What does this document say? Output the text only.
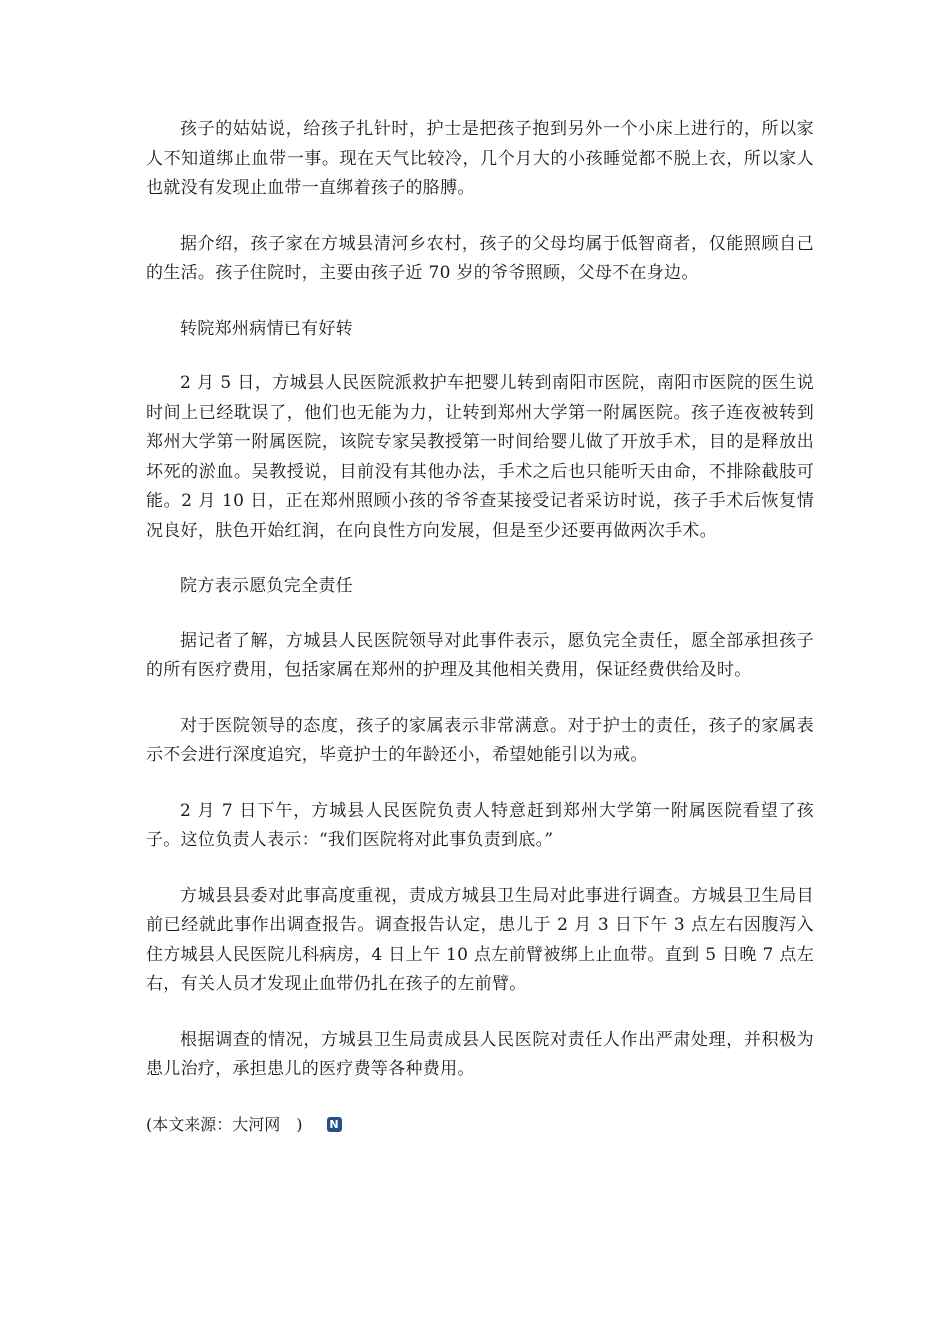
孩子的姑姑说，给孩子扎针时，护士是把孩子抱到另外一个小床上进行的，所以家人不知道绑止血带一事。现在天气比较冷，几个月大的小孩睡觉都不脱上衣，所以家人也就没有发现止血带一直绑着孩子的胳膊。

据介绍，孩子家在方城县清河乡农村，孩子的父母均属于低智商者，仅能照顾自己的生活。孩子住院时，主要由孩子近 70 岁的爷爷照顾，父母不在身边。

转院郑州病情已有好转

2 月 5 日，方城县人民医院派救护车把婴儿转到南阳市医院，南阳市医院的医生说时间上已经耽误了，他们也无能为力，让转到郑州大学第一附属医院。孩子连夜被转到郑州大学第一附属医院，该院专家吴教授第一时间给婴儿做了开放手术，目的是释放出坏死的淤血。吴教授说，目前没有其他办法，手术之后也只能听天由命，不排除截肢可能。2 月 10 日，正在郑州照顾小孩的爷爷查某接受记者采访时说，孩子手术后恢复情况良好，肤色开始红润，在向良性方向发展，但是至少还要再做两次手术。

院方表示愿负完全责任

据记者了解，方城县人民医院领导对此事件表示，愿负完全责任，愿全部承担孩子的所有医疗费用，包括家属在郑州的护理及其他相关费用，保证经费供给及时。

对于医院领导的态度，孩子的家属表示非常满意。对于护士的责任，孩子的家属表示不会进行深度追究，毕竟护士的年龄还小，希望她能引以为戒。

2 月 7 日下午，方城县人民医院负责人特意赶到郑州大学第一附属医院看望了孩子。这位负责人表示：“我们医院将对此事负责到底。”

方城县县委对此事高度重视，责成方城县卫生局对此事进行调查。方城县卫生局目前已经就此事作出调查报告。调查报告认定，患儿于 2 月 3 日下午 3 点左右因腹泻入住方城县人民医院儿科病房，4 日上午 10 点左前臂被绑上止血带。直到 5 日晚 7 点左右，有关人员才发现止血带仍扎在孩子的左前臂。

根据调查的情况，方城县卫生局责成县人民医院对责任人作出严肃处理，并积极为患儿治疗，承担患儿的医疗费等各种费用。

(本文来源：大河网　) N
